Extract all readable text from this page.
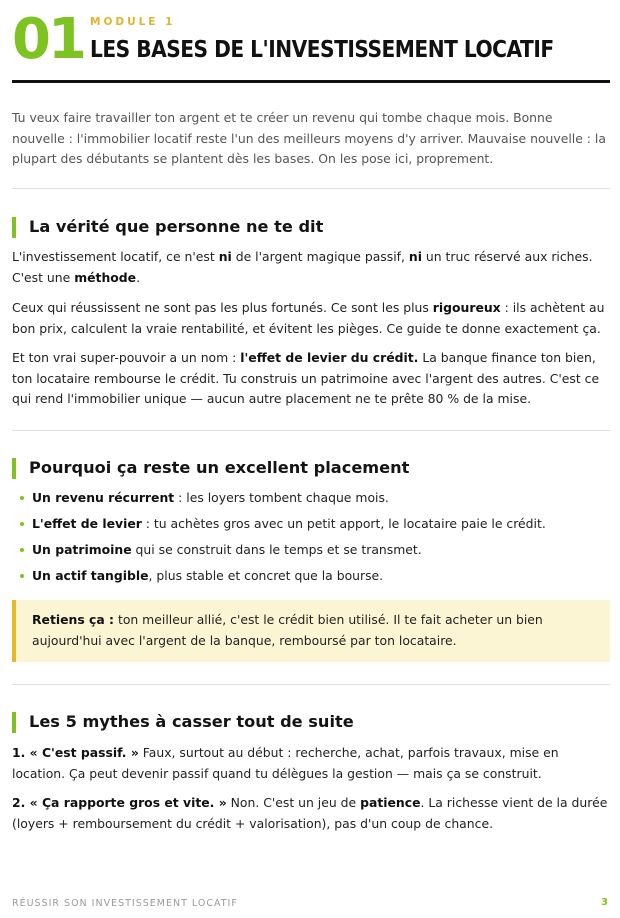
01 MODULE 1
LES BASES DE L'INVESTISSEMENT LOCATIF

Tu veux faire travailler ton argent et te créer un revenu qui tombe chaque mois. Bonne nouvelle : l'immobilier locatif reste l'un des meilleurs moyens d'y arriver. Mauvaise nouvelle : la plupart des débutants se plantent dès les bases. On les pose ici, proprement.

La vérité que personne ne te dit

L'investissement locatif, ce n'est ni de l'argent magique passif, ni un truc réservé aux riches. C'est une méthode.

Ceux qui réussissent ne sont pas les plus fortunés. Ce sont les plus rigoureux : ils achètent au bon prix, calculent la vraie rentabilité, et évitent les pièges. Ce guide te donne exactement ça.

Et ton vrai super-pouvoir a un nom : l'effet de levier du crédit. La banque finance ton bien, ton locataire rembourse le crédit. Tu construis un patrimoine avec l'argent des autres. C'est ce qui rend l'immobilier unique — aucun autre placement ne te prête 80 % de la mise.

Pourquoi ça reste un excellent placement
Un revenu récurrent : les loyers tombent chaque mois.
L'effet de levier : tu achètes gros avec un petit apport, le locataire paie le crédit.
Un patrimoine qui se construit dans le temps et se transmet.
Un actif tangible, plus stable et concret que la bourse.
Retiens ça : ton meilleur allié, c'est le crédit bien utilisé. Il te fait acheter un bien aujourd'hui avec l'argent de la banque, remboursé par ton locataire.
Les 5 mythes à casser tout de suite

1. « C'est passif. » Faux, surtout au début : recherche, achat, parfois travaux, mise en location. Ça peut devenir passif quand tu délègues la gestion — mais ça se construit.

2. « Ça rapporte gros et vite. » Non. C'est un jeu de patience. La richesse vient de la durée (loyers + remboursement du crédit + valorisation), pas d'un coup de chance.

RÉUSSIR SON INVESTISSEMENT LOCATIF	3
